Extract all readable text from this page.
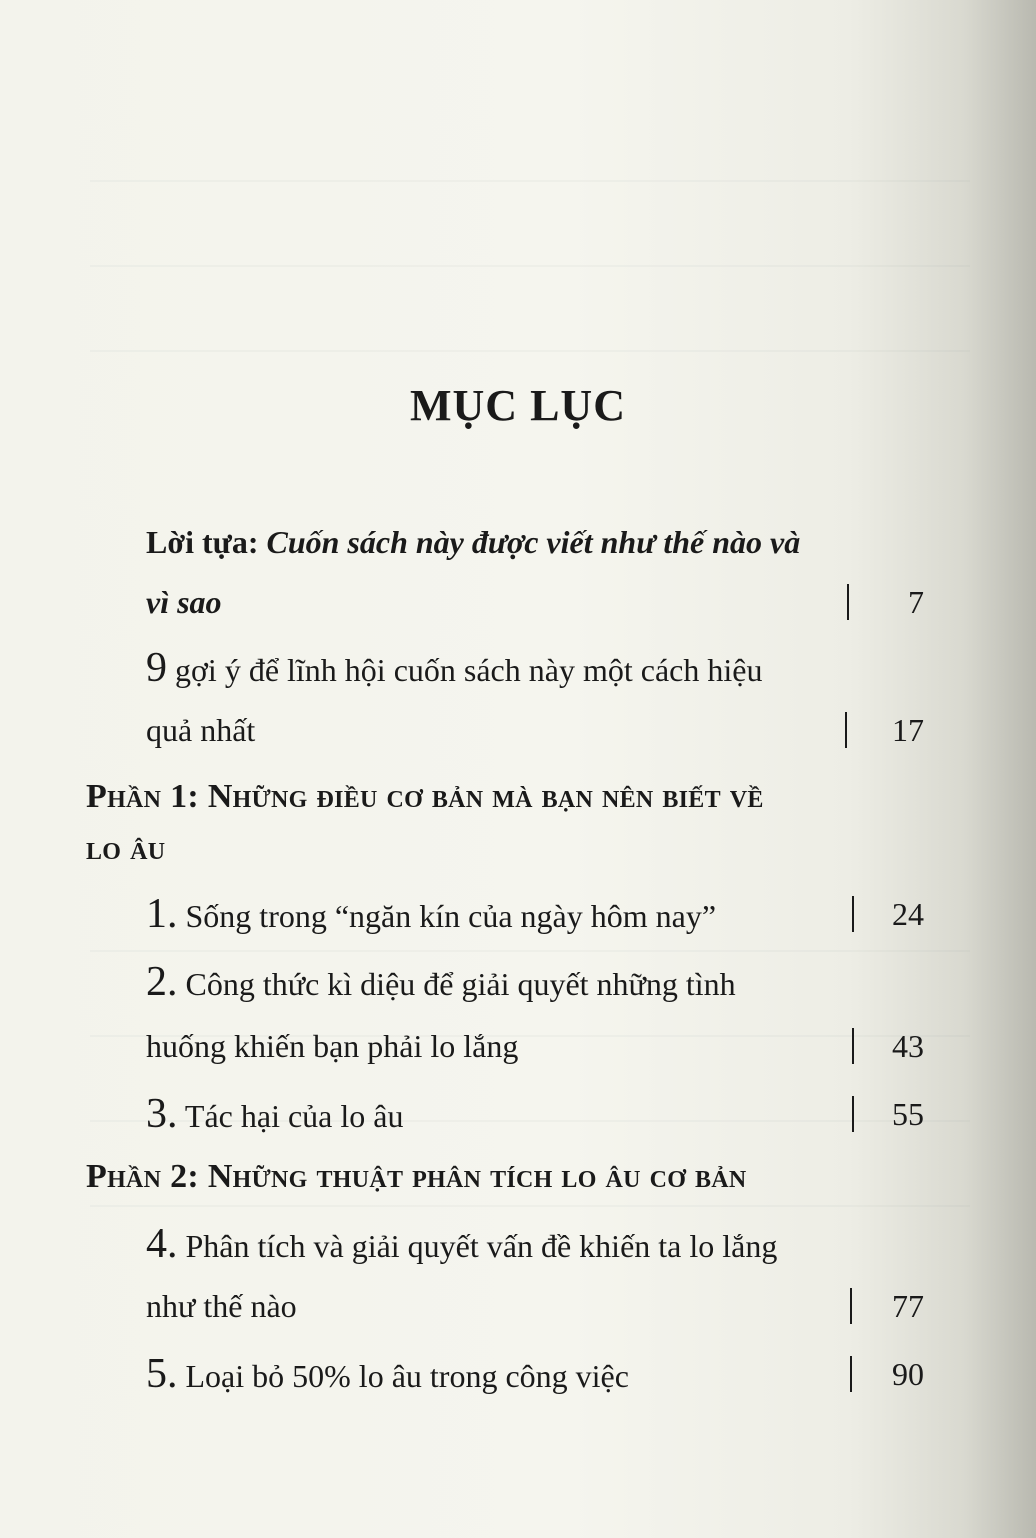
MỤC LỤC
Lời tựa: Cuốn sách này được viết như thế nào và
vì sao	7
9 gợi ý để lĩnh hội cuốn sách này một cách hiệu
quả nhất	17
Phần 1: Những điều cơ bản mà bạn nên biết về
lo âu
1. Sống trong “ngăn kín của ngày hôm nay”	24
2. Công thức kì diệu để giải quyết những tình
huống khiến bạn phải lo lắng	43
3. Tác hại của lo âu	55
Phần 2: Những thuật phân tích lo âu cơ bản
4. Phân tích và giải quyết vấn đề khiến ta lo lắng
như thế nào	77
5. Loại bỏ 50% lo âu trong công việc	90
